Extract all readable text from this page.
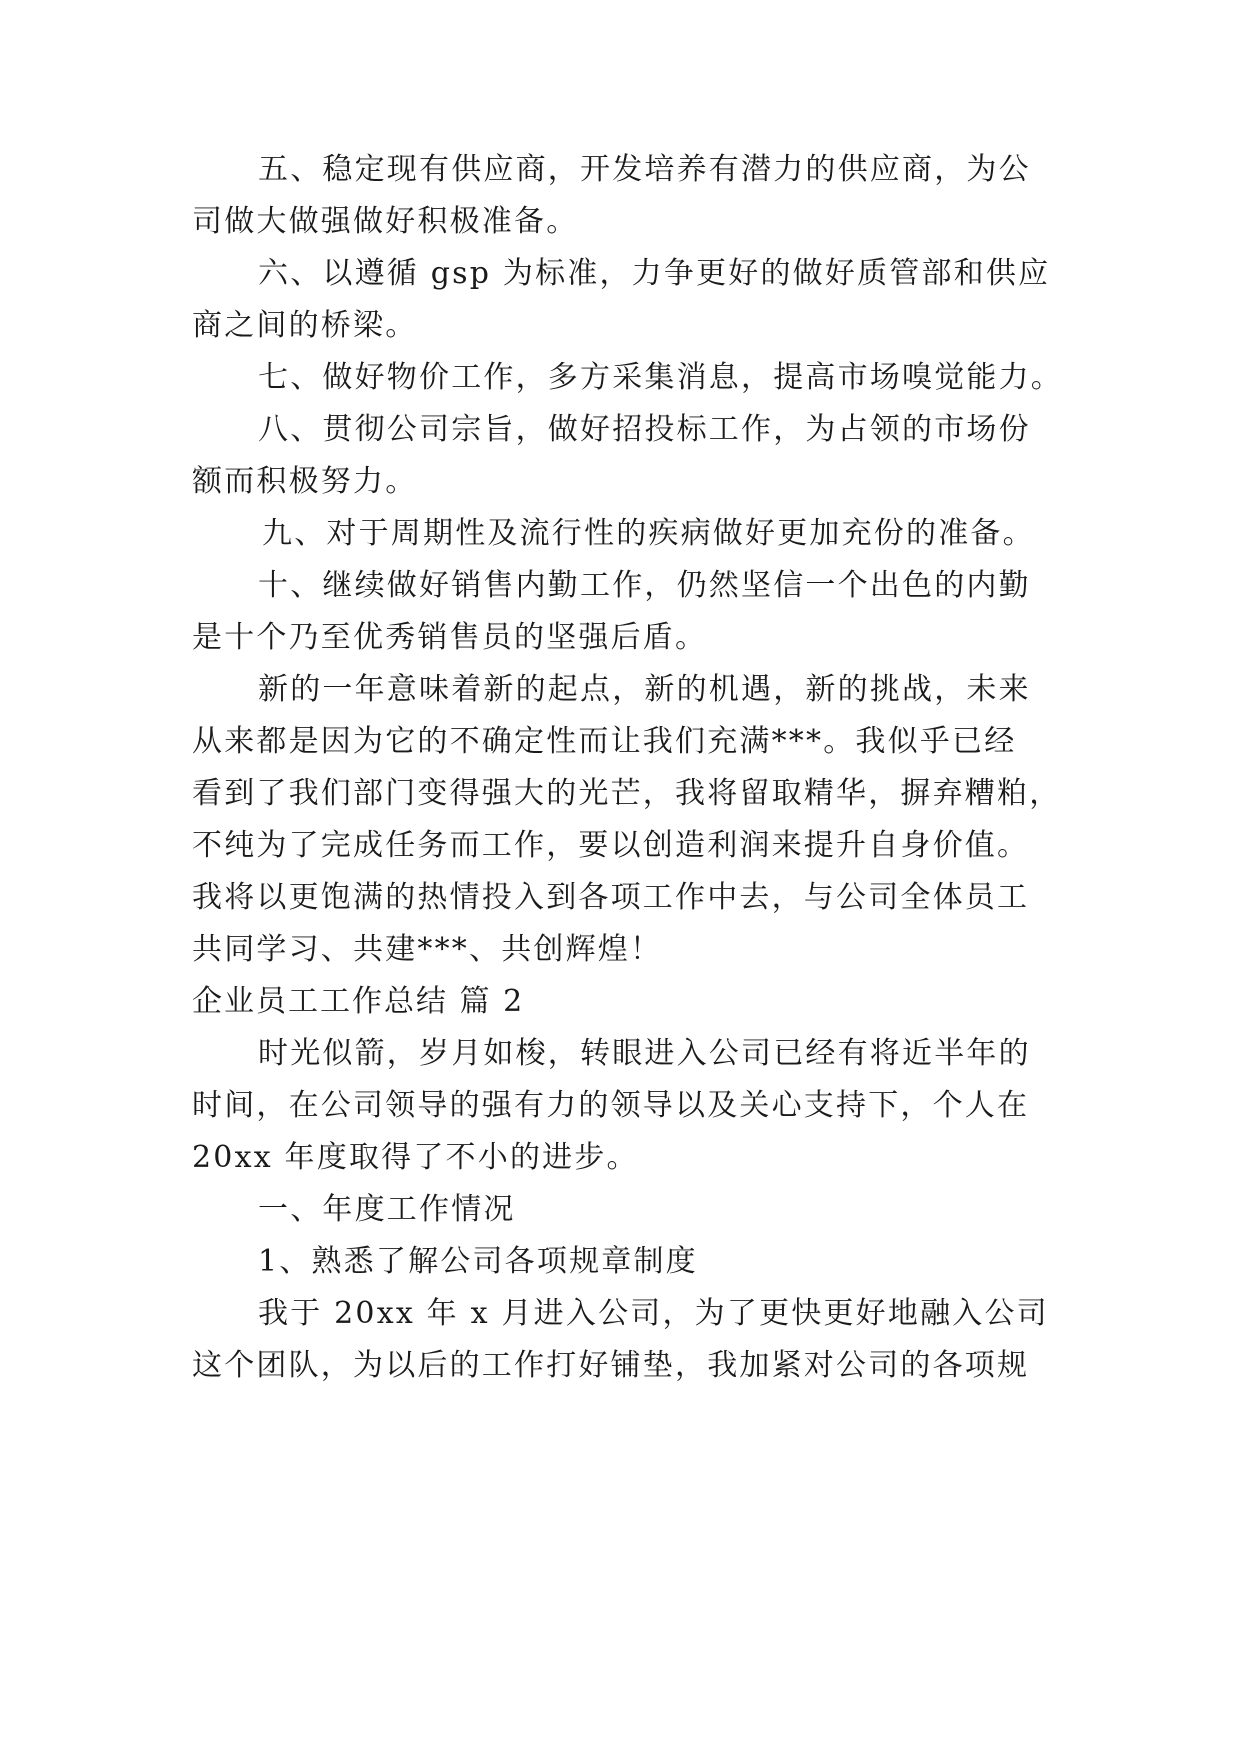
五、稳定现有供应商，开发培养有潜力的供应商，为公
司做大做强做好积极准备。
六、以遵循 gsp 为标准，力争更好的做好质管部和供应
商之间的桥梁。
七、做好物价工作，多方采集消息，提高市场嗅觉能力。
八、贯彻公司宗旨，做好招投标工作，为占领的市场份
额而积极努力。
九、对于周期性及流行性的疾病做好更加充份的准备。
十、继续做好销售内勤工作，仍然坚信一个出色的内勤
是十个乃至优秀销售员的坚强后盾。
新的一年意味着新的起点，新的机遇，新的挑战，未来
从来都是因为它的不确定性而让我们充满***。我似乎已经
看到了我们部门变得强大的光芒，我将留取精华，摒弃糟粕，
不纯为了完成任务而工作，要以创造利润来提升自身价值。
我将以更饱满的热情投入到各项工作中去，与公司全体员工
共同学习、共建***、共创辉煌！
企业员工工作总结 篇 2
时光似箭，岁月如梭，转眼进入公司已经有将近半年的
时间，在公司领导的强有力的领导以及关心支持下，个人在
20xx 年度取得了不小的进步。
一、年度工作情况
1、熟悉了解公司各项规章制度
我于 20xx 年 x 月进入公司，为了更快更好地融入公司
这个团队，为以后的工作打好铺垫，我加紧对公司的各项规
